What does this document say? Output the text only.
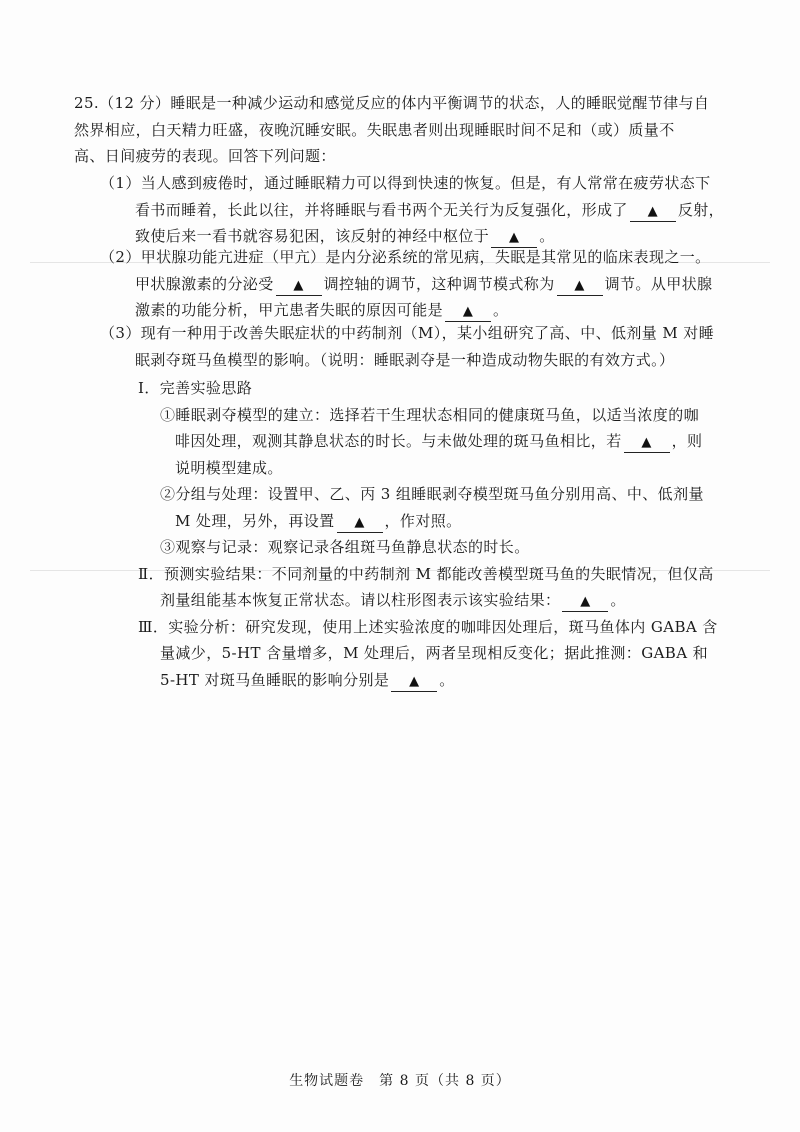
25.（12 分）睡眠是一种减少运动和感觉反应的体内平衡调节的状态，人的睡眠觉醒节律与自
然界相应，白天精力旺盛，夜晚沉睡安眠。失眠患者则出现睡眠时间不足和（或）质量不
高、日间疲劳的表现。回答下列问题：
（1）当人感到疲倦时，通过睡眠精力可以得到快速的恢复。但是，有人常常在疲劳状态下
看书而睡着，长此以往，并将睡眠与看书两个无关行为反复强化，形成了 ▲ 反射，
致使后来一看书就容易犯困，该反射的神经中枢位于 ▲ 。
（2）甲状腺功能亢进症（甲亢）是内分泌系统的常见病，失眠是其常见的临床表现之一。
甲状腺激素的分泌受 ▲ 调控轴的调节，这种调节模式称为 ▲ 调节。从甲状腺
激素的功能分析，甲亢患者失眠的原因可能是 ▲ 。
（3）现有一种用于改善失眠症状的中药制剂（M），某小组研究了高、中、低剂量 M 对睡
眠剥夺斑马鱼模型的影响。（说明：睡眠剥夺是一种造成动物失眠的有效方式。）
Ⅰ．完善实验思路
①睡眠剥夺模型的建立：选择若干生理状态相同的健康斑马鱼，以适当浓度的咖
啡因处理，观测其静息状态的时长。与未做处理的斑马鱼相比，若 ▲ ，则
说明模型建成。
②分组与处理：设置甲、乙、丙 3 组睡眠剥夺模型斑马鱼分别用高、中、低剂量
M 处理，另外，再设置 ▲ ，作对照。
③观察与记录：观察记录各组斑马鱼静息状态的时长。
Ⅱ．预测实验结果：不同剂量的中药制剂 M 都能改善模型斑马鱼的失眠情况，但仅高
剂量组能基本恢复正常状态。请以柱形图表示该实验结果： ▲ 。
Ⅲ．实验分析：研究发现，使用上述实验浓度的咖啡因处理后，斑马鱼体内 GABA 含
量减少，5-HT 含量增多，M 处理后，两者呈现相反变化；据此推测：GABA 和
5-HT 对斑马鱼睡眠的影响分别是 ▲ 。
生物试题卷　第 8 页（共 8 页）
